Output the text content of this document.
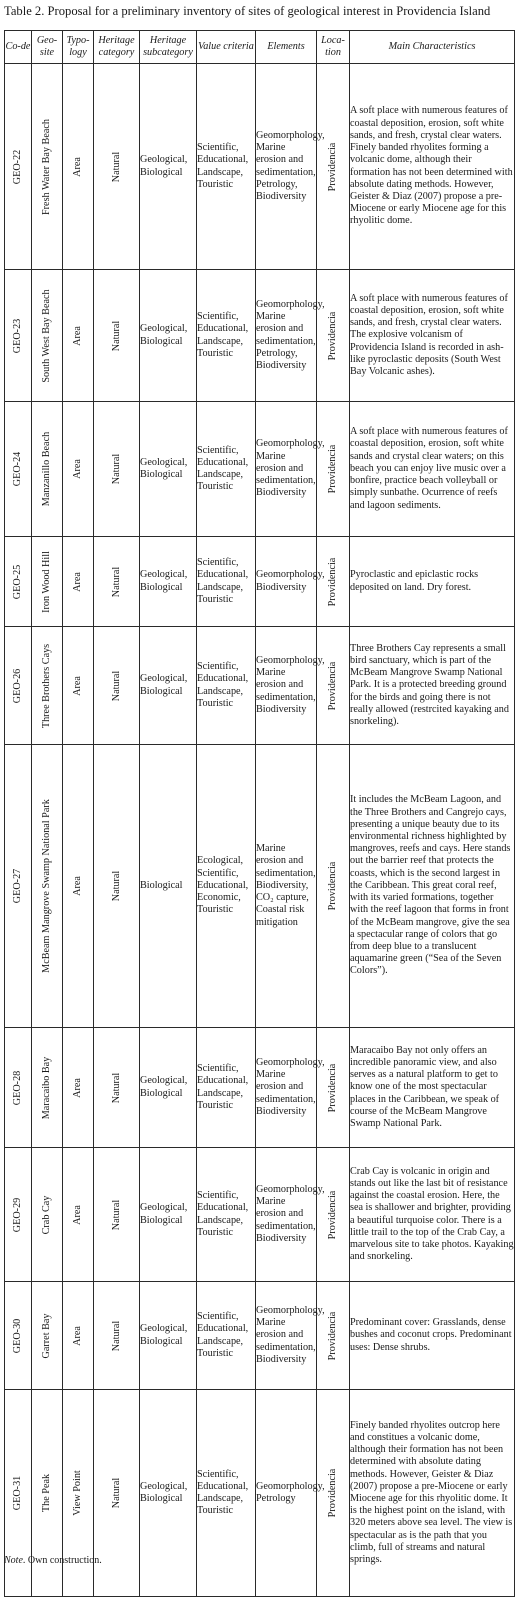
Table 2. Proposal for a preliminary inventory of sites of geological interest in Providencia Island
Co-de	Geo-site	Typo-logy	Heritage category	Heritage subcategory	Value criteria	Elements	Loca-tion	Main Characteristics

GEO-22	Fresh Water Bay Beach	Area	Natural	Geological, Biological	Scientific, Educational, Landscape, Touristic	Geomorphology, Marine erosion and sedimentation, Petrology, Biodiversity	Providencia	A soft place with numerous features of coastal deposition, erosion, soft white sands, and fresh, crystal clear waters. Finely banded rhyolites forming a volcanic dome, although their formation has not been determined with absolute dating methods. However, Geister & Diaz (2007) propose a pre-Miocene or early Miocene age for this rhyolitic dome.

GEO-23	South West Bay Beach	Area	Natural	Geological, Biological	Scientific, Educational, Landscape, Touristic	Geomorphology, Marine erosion and sedimentation, Petrology, Biodiversity	Providencia	A soft place with numerous features of coastal deposition, erosion, soft white sands, and fresh, crystal clear waters. The explosive volcanism of Providencia Island is recorded in ash-like pyroclastic deposits (South West Bay Volcanic ashes).

GEO-24	Manzanillo Beach	Area	Natural	Geological, Biological	Scientific, Educational, Landscape, Touristic	Geomorphology, Marine erosion and sedimentation, Biodiversity	Providencia	A soft place with numerous features of coastal deposition, erosion, soft white sands and crystal clear waters; on this beach you can enjoy live music over a bonfire, practice beach volleyball or simply sunbathe. Ocurrence of reefs and lagoon sediments.

GEO-25	Iron Wood Hill	Area	Natural	Geological, Biological	Scientific, Educational, Landscape, Touristic	Geomorphology, Biodiversity	Providencia	Pyroclastic and epiclastic rocks deposited on land. Dry forest.

GEO-26	Three Brothers Cays	Area	Natural	Geological, Biological	Scientific, Educational, Landscape, Touristic	Geomorphology, Marine erosion and sedimentation, Biodiversity	Providencia	Three Brothers Cay represents a small bird sanctuary, which is part of the McBeam Mangrove Swamp National Park. It is a protected breeding ground for the birds and going there is not really allowed (restrcited kayaking and snorkeling).

GEO-27	McBeam Mangrove Swamp National Park	Area	Natural	Biological	Ecological, Scientific, Educational, Economic, Touristic	Marine erosion and sedimentation, Biodiversity, CO₂ capture, Coastal risk mitigation	Providencia	It includes the McBeam Lagoon, and the Three Brothers and Cangrejo cays, presenting a unique beauty due to its environmental richness highlighted by mangroves, reefs and cays. Here stands out the barrier reef that protects the coasts, which is the second largest in the Caribbean. This great coral reef, with its varied formations, together with the reef lagoon that forms in front of the McBeam mangrove, give the sea a spectacular range of colors that go from deep blue to a translucent aquamarine green (“Sea of the Seven Colors”).

GEO-28	Maracaibo Bay	Area	Natural	Geological, Biological	Scientific, Educational, Landscape, Touristic	Geomorphology, Marine erosion and sedimentation, Biodiversity	Providencia	Maracaibo Bay not only offers an incredible panoramic view, and also serves as a natural platform to get to know one of the most spectacular places in the Caribbean, we speak of course of the McBeam Mangrove Swamp National Park.

GEO-29	Crab Cay	Area	Natural	Geological, Biological	Scientific, Educational, Landscape, Touristic	Geomorphology, Marine erosion and sedimentation, Biodiversity	Providencia	Crab Cay is volcanic in origin and stands out like the last bit of resistance against the coastal erosion. Here, the sea is shallower and brighter, providing a beautiful turquoise color. There is a little trail to the top of the Crab Cay, a marvelous site to take photos. Kayaking and snorkeling.

GEO-30	Garret Bay	Area	Natural	Geological, Biological	Scientific, Educational, Landscape, Touristic	Geomorphology, Marine erosion and sedimentation, Biodiversity	Providencia	Predominant cover: Grasslands, dense bushes and coconut crops. Predominant uses: Dense shrubs.

GEO-31	The Peak	View Point	Natural	Geological, Biological	Scientific, Educational, Landscape, Touristic	Geomorphology, Petrology	Providencia	Finely banded rhyolites outcrop here and constitues a volcanic dome, although their formation has not been determined with absolute dating methods. However, Geister & Diaz (2007) propose a pre-Miocene or early Miocene age for this rhyolitic dome. It is the highest point on the island, with 320 meters above sea level. The view is spectacular as is the path that you climb, full of streams and natural springs.
Note. Own construction.
